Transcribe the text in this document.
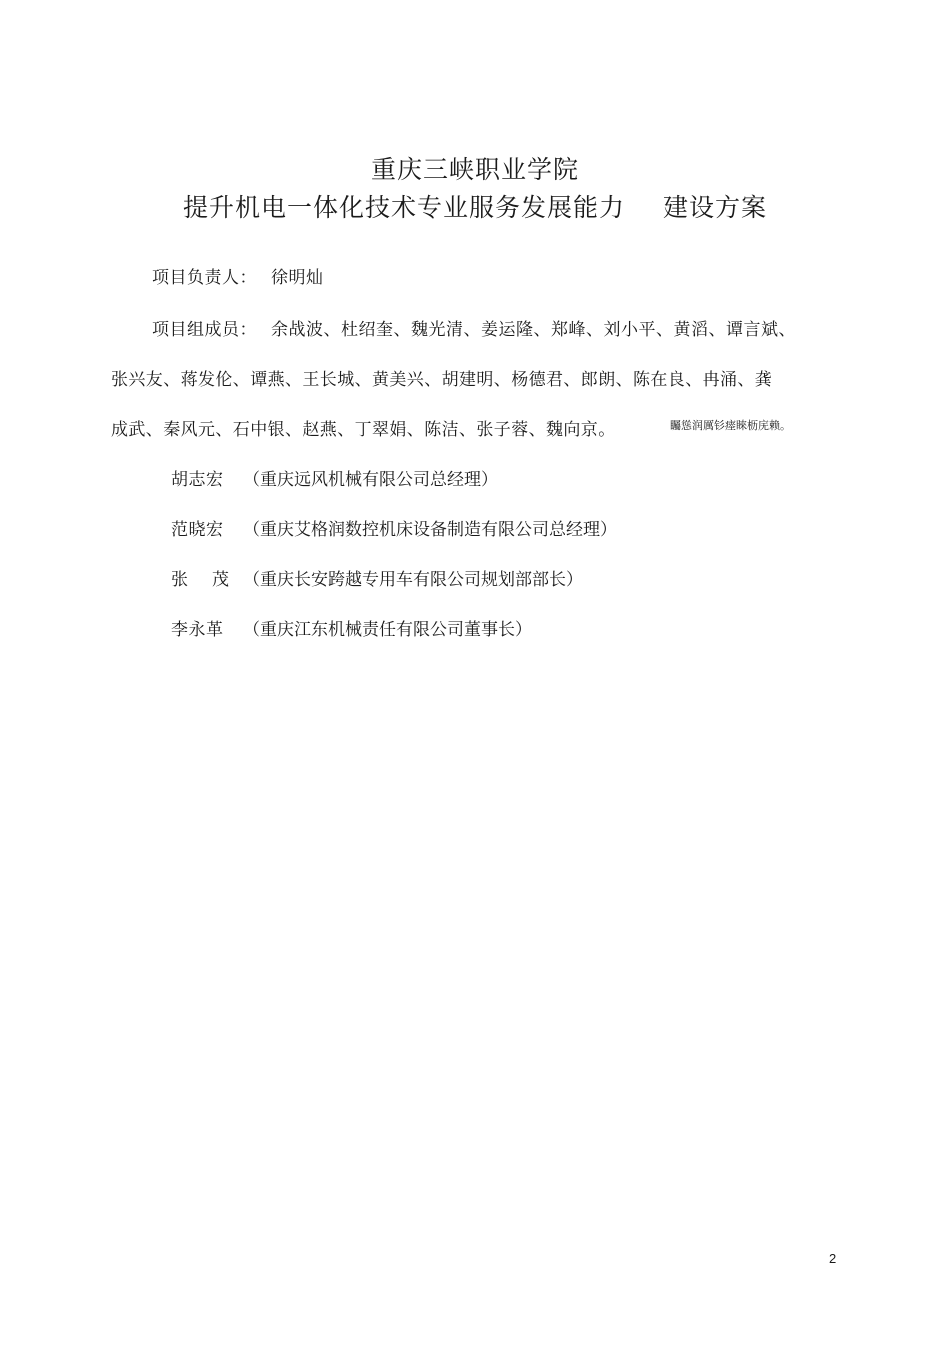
重庆三峡职业学院
提升机电一体化技术专业服务发展能力 建设方案
项目负责人： 徐明灿
项目组成员： 余战波、杜绍奎、魏光清、姜运隆、郑峰、刘小平、黄滔、谭言斌、
张兴友、蒋发伦、谭燕、王长城、黄美兴、胡建明、杨德君、郎朗、陈在良、冉涌、龚
成武、秦风元、石中银、赵燕、丁翠娟、陈洁、张子蓉、魏向京。	矚慫润厲钐瘗睞枥庑赖。
胡志宏 （重庆远风机械有限公司总经理）
范晓宏 （重庆艾格润数控机床设备制造有限公司总经理）
张茂（重庆长安跨越专用车有限公司规划部部长）
李永革 （重庆江东机械责任有限公司董事长）
2
